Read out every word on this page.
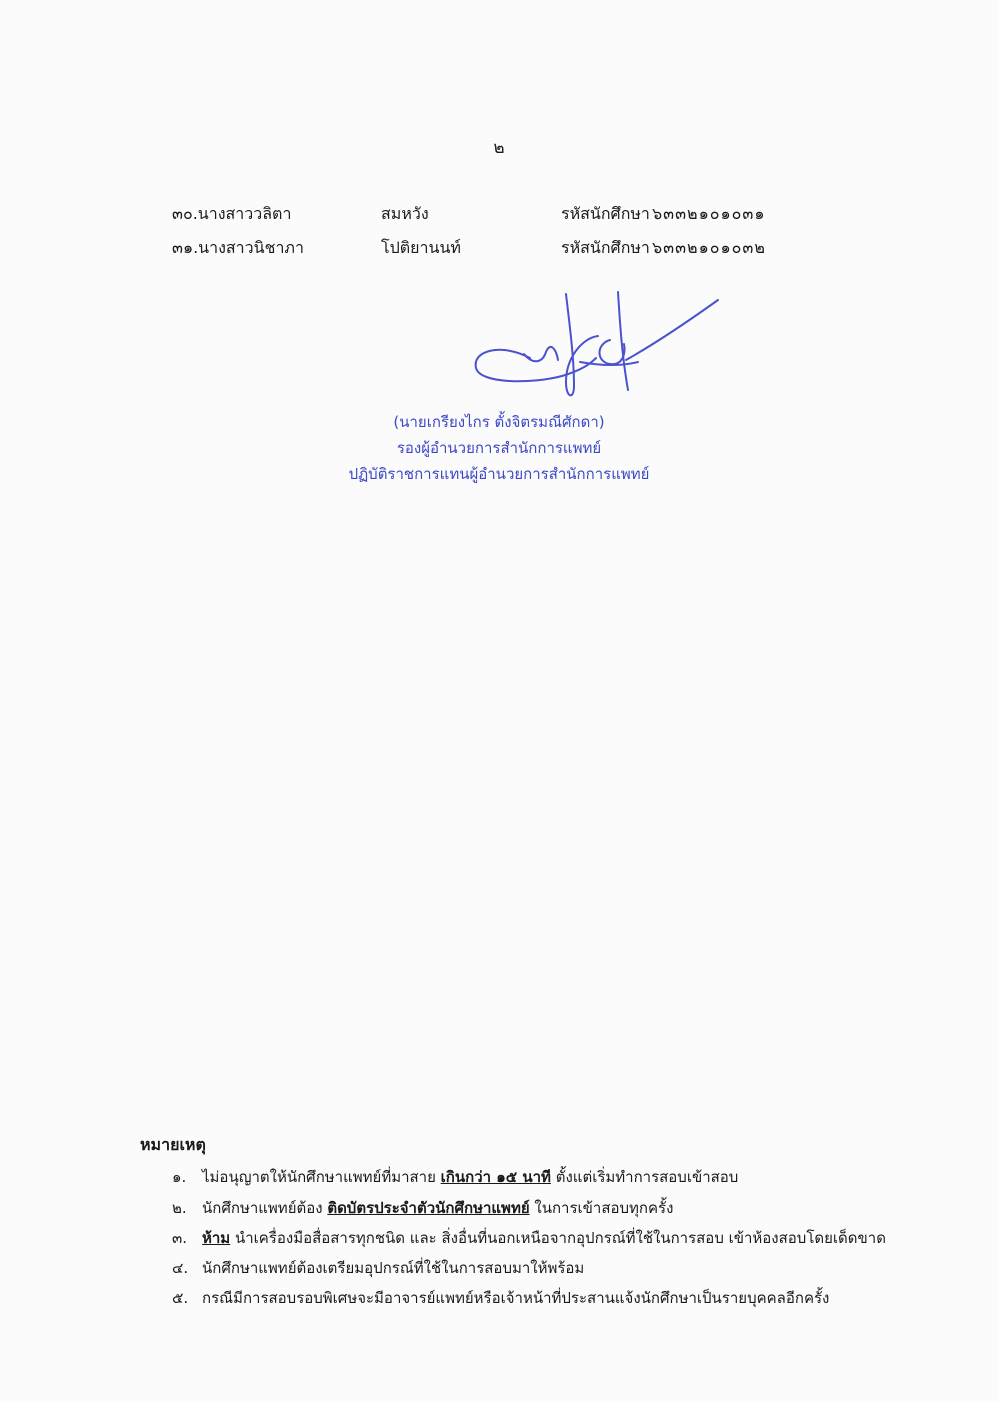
๒
๓๐.นางสาววลิตา	สมหวัง	รหัสนักศึกษา ๖๓๓๒๑๐๑๐๓๑
๓๑.นางสาวนิชาภา	โปติยานนท์	รหัสนักศึกษา ๖๓๓๒๑๐๑๐๓๒
(นายเกรียงไกร ตั้งจิตรมณีศักดา)
รองผู้อำนวยการสำนักการแพทย์
ปฏิบัติราชการแทนผู้อำนวยการสำนักการแพทย์
หมายเหตุ
๑. ไม่อนุญาตให้นักศึกษาแพทย์ที่มาสาย เกินกว่า ๑๕ นาที ตั้งแต่เริ่มทำการสอบเข้าสอบ
๒. นักศึกษาแพทย์ต้อง ติดบัตรประจำตัวนักศึกษาแพทย์ ในการเข้าสอบทุกครั้ง
๓. ห้าม นำเครื่องมือสื่อสารทุกชนิด และ สิ่งอื่นที่นอกเหนือจากอุปกรณ์ที่ใช้ในการสอบ เข้าห้องสอบโดยเด็ดขาด
๔. นักศึกษาแพทย์ต้องเตรียมอุปกรณ์ที่ใช้ในการสอบมาให้พร้อม
๕. กรณีมีการสอบรอบพิเศษจะมีอาจารย์แพทย์หรือเจ้าหน้าที่ประสานแจ้งนักศึกษาเป็นรายบุคคลอีกครั้ง
